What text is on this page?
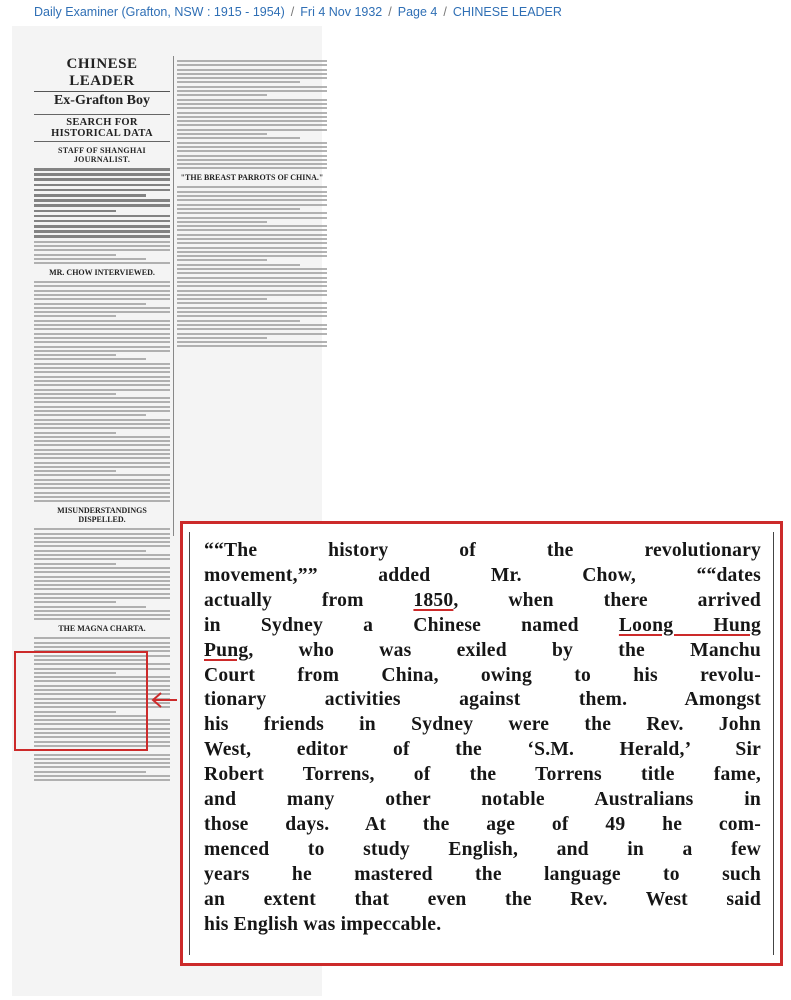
Daily Examiner (Grafton, NSW : 1915 - 1954) / Fri 4 Nov 1932 / Page 4 / CHINESE LEADER
CHINESE LEADER
Ex-Grafton Boy
SEARCH FOR HISTORICAL DATA
STAFF OF SHANGHAI JOURNALIST.
MR. CHOW INTERVIEWED.
MISUNDERSTANDINGS DISPELLED.
THE MAGNA CHARTA.
"THE BREAST PARROTS OF CHINA."
““The history of the revolutionary
movement,”” added Mr. Chow, ““dates
actually from 1850, when there arrived
in Sydney a Chinese named Loong Hung
Pung, who was exiled by the Manchu
Court from China, owing to his revolu-
tionary activities against them. Amongst
his friends in Sydney were the Rev. John
West, editor of the ‘S.M. Herald,’ Sir
Robert Torrens, of the Torrens title fame,
and many other notable Australians in
those days. At the age of 49 he com-
menced to study English, and in a few
years he mastered the language to such
an extent that even the Rev. West said
his English was impeccable.
